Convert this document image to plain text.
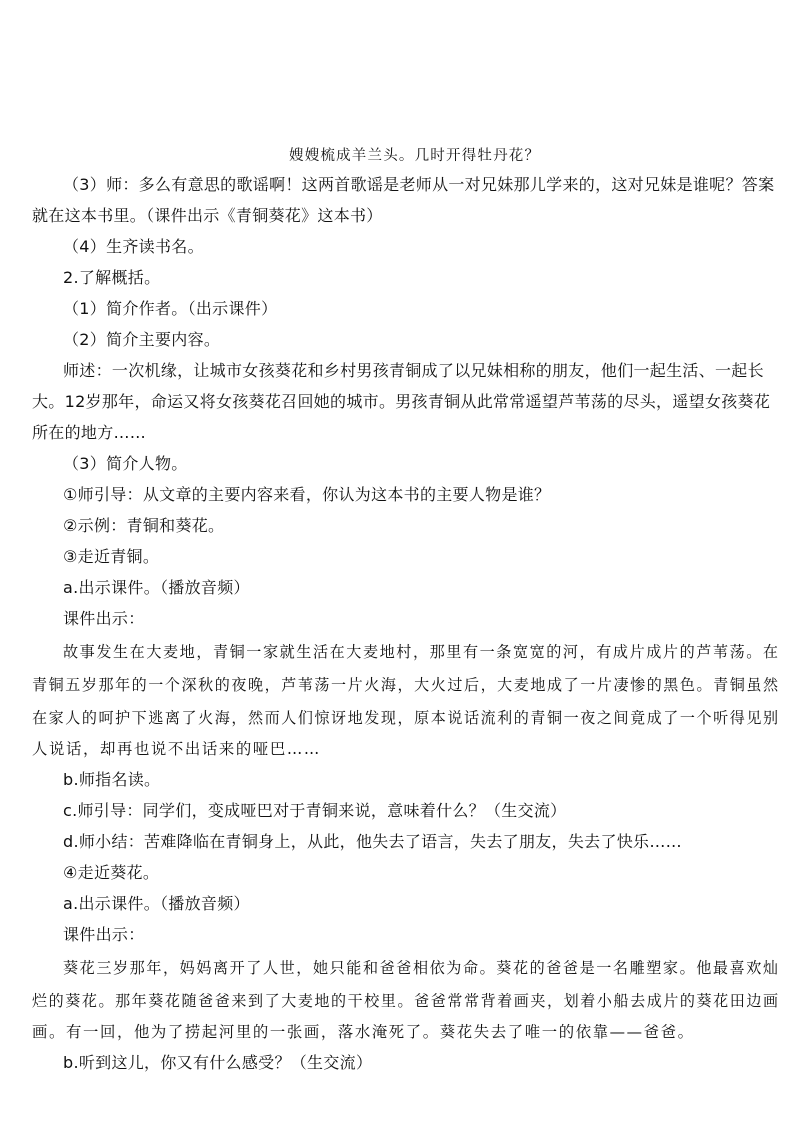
嫂嫂梳成羊兰头。几时开得牡丹花？
（3）师：多么有意思的歌谣啊！这两首歌谣是老师从一对兄妹那儿学来的，这对兄妹是谁呢？答案
就在这本书里。（课件出示《青铜葵花》这本书）
（4）生齐读书名。
2.了解概括。
（1）简介作者。（出示课件）
（2）简介主要内容。
师述：一次机缘，让城市女孩葵花和乡村男孩青铜成了以兄妹相称的朋友，他们一起生活、一起长
大。12岁那年，命运又将女孩葵花召回她的城市。男孩青铜从此常常遥望芦苇荡的尽头，遥望女孩葵花
所在的地方……
（3）简介人物。
①师引导：从文章的主要内容来看，你认为这本书的主要人物是谁？
②示例：青铜和葵花。
③走近青铜。
a.出示课件。（播放音频）
课件出示：
故事发生在大麦地，青铜一家就生活在大麦地村，那里有一条宽宽的河，有成片成片的芦苇荡。在
青铜五岁那年的一个深秋的夜晚，芦苇荡一片火海，大火过后，大麦地成了一片凄惨的黑色。青铜虽然
在家人的呵护下逃离了火海，然而人们惊讶地发现，原本说话流利的青铜一夜之间竟成了一个听得见别
人说话，却再也说不出话来的哑巴……
b.师指名读。
c.师引导：同学们，变成哑巴对于青铜来说，意味着什么？（生交流）
d.师小结：苦难降临在青铜身上，从此，他失去了语言，失去了朋友，失去了快乐……
④走近葵花。
a.出示课件。（播放音频）
课件出示：
葵花三岁那年，妈妈离开了人世，她只能和爸爸相依为命。葵花的爸爸是一名雕塑家。他最喜欢灿
烂的葵花。那年葵花随爸爸来到了大麦地的干校里。爸爸常常背着画夹，划着小船去成片的葵花田边画
画。有一回，他为了捞起河里的一张画，落水淹死了。葵花失去了唯一的依靠——爸爸。
b.听到这儿，你又有什么感受？（生交流）
